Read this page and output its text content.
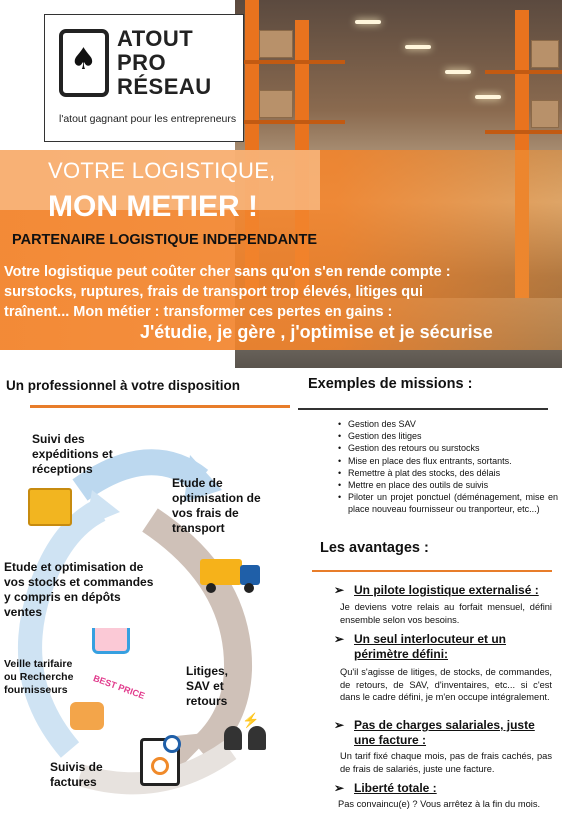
♠
ATOUT
PRO
RÉSEAU
l'atout gagnant pour les entrepreneurs
VOTRE LOGISTIQUE,
MON METIER !
PARTENAIRE LOGISTIQUE INDEPENDANTE
Votre logistique peut coûter cher sans qu'on s'en rende compte : surstocks, ruptures, frais de transport trop élevés, litiges qui traînent... Mon métier : transformer ces pertes en gains :
J'étudie, je gère , j'optimise et je sécurise
Un professionnel à votre disposition
BEST PRICE
⚡
Suivi des expéditions et réceptions
Etude de optimisation de vos frais de transport
Litiges, SAV et retours
Suivis de factures
Veille tarifaire ou Recherche fournisseurs
Etude et optimisation de vos stocks et commandes y compris en dépôts ventes
Exemples de missions :
• Gestion des SAV
• Gestion des litiges
• Gestion des retours ou surstocks
• Mise en place des flux entrants, sortants.
• Remettre à plat des stocks, des délais
• Mettre en place des outils de suivis
• Piloter un projet ponctuel (déménagement, mise en place nouveau fournisseur ou tranporteur, etc...)
Les avantages :
➢ Un pilote logistique externalisé :
Je deviens votre relais au forfait mensuel, défini ensemble selon vos besoins.
➢ Un seul interlocuteur et un périmètre défini:
Qu'il s'agisse de litiges, de stocks, de commandes, de retours, de SAV, d'inventaires, etc... si c'est dans le cadre défini, je m'en occupe intégralement.
➢ Pas de charges salariales, juste une facture :
Un tarif fixé chaque mois, pas de frais cachés, pas de frais de salariés, juste une facture.
➢ Liberté totale :
Pas convaincu(e) ? Vous arrêtez à la fin du mois.
